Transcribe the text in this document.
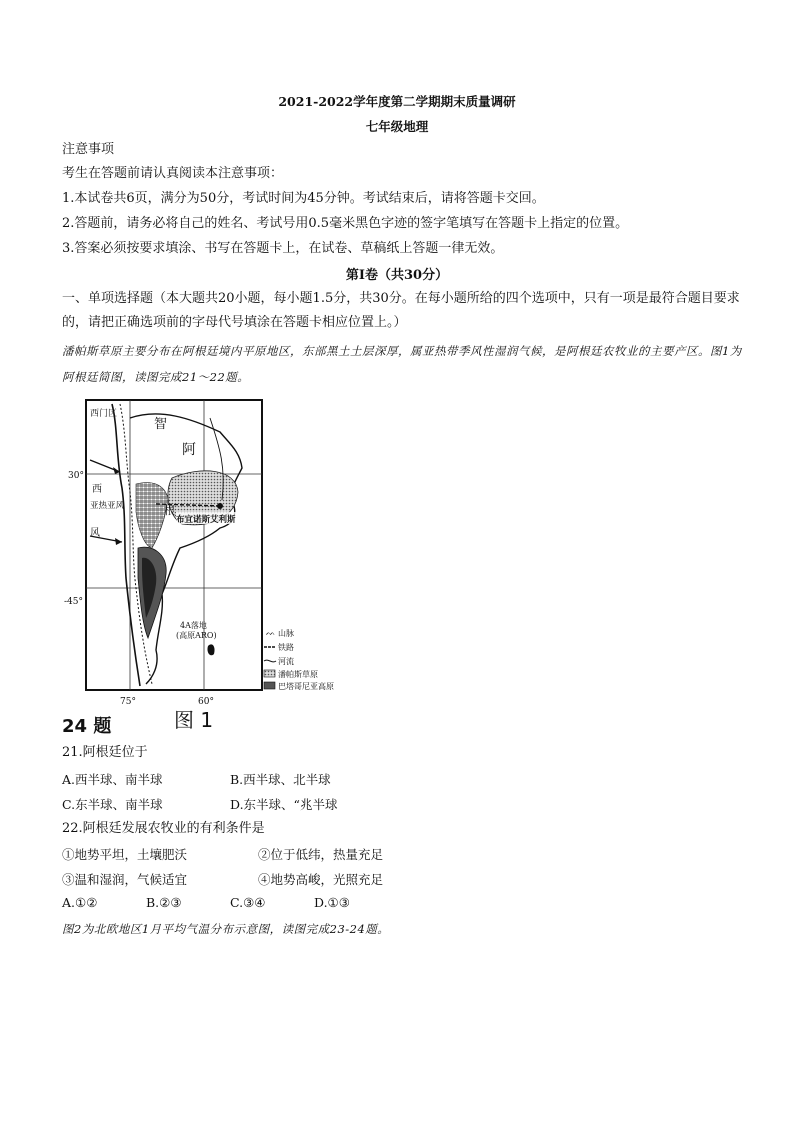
2021-2022学年度第二学期期末质量调研
七年级地理
注意事项
考生在答题前请认真阅读本注意事项：
1.本试卷共6页，满分为50分，考试时间为45分钟。考试结束后，请将答题卡交回。
2.答题前，请务必将自己的姓名、考试号用0.5毫米黑色字迹的签字笔填写在答题卡上指定的位置。
3.答案必须按要求填涂、书写在答题卡上，在试卷、草稿纸上答题一律无效。
第Ⅰ卷（共30分）
一、单项选择题（本大题共20小题，每小题1.5分，共30分。在每小题所给的四个选项中，只有一项是最符合题目要求的，请把正确选项前的字母代号填涂在答题卡相应位置上。）
潘帕斯草原主要分布在阿根廷境内平原地区，东部黑土土层深厚，属亚热带季风性湿润气候，是阿根廷农牧业的主要产区。图1为阿根廷简图，读图完成21～22题。
西门区
智
阿
根
30°
-45°
75°	60°
西
亚热亚风
风
布宜诺斯艾利斯
4A落地
(高原ARO)	ᨓ 山脉
铁路
河流
潘帕斯草原
巴塔哥尼亚高原
24 题	图 1
21.阿根廷位于
A.西半球、南半球	B.西半球、北半球
C.东半球、南半球	D.东半球、“兆半球
22.阿根廷发展农牧业的有利条件是
①地势平坦，土壤肥沃	②位于低纬，热量充足
③温和湿润，气候适宜	④地势高峻，光照充足
A.①②	B.②③	C.③④	D.①③
图2为北欧地区1月平均气温分布示意图，读图完成23-24题。
